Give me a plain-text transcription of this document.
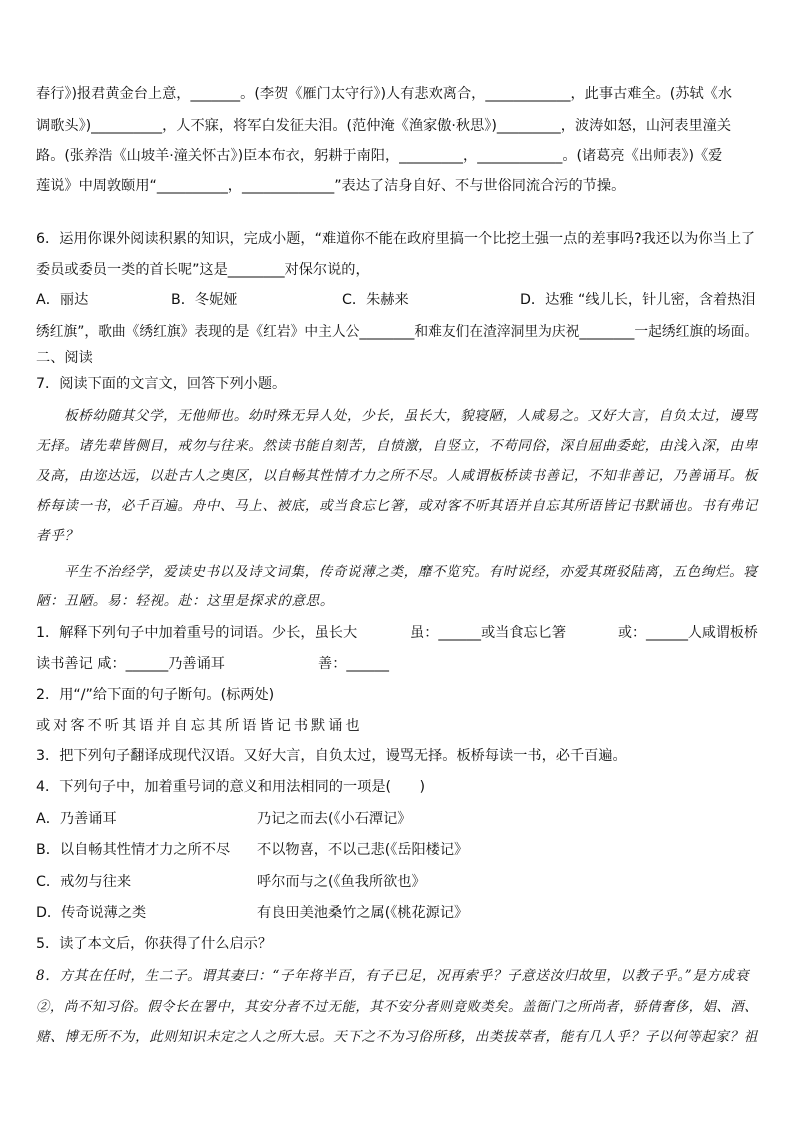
春行》)报君黄金台上意，_______。(李贺《雁门太守行》)人有悲欢离合，____________，此事古难全。(苏轼《水
调歌头》)__________，人不寐，将军白发征夫泪。(范仲淹《渔家傲·秋思》)_________，波涛如怒，山河表里潼关
路。(张养浩《山坡羊·潼关怀古》)臣本布衣，躬耕于南阳，_________，____________。(诸葛亮《出师表》)《爱
莲说》中周敦颐用“__________，_____________”表达了洁身自好、不与世俗同流合污的节操。
6．运用你课外阅读积累的知识，完成小题，“难道你不能在政府里搞一个比挖土强一点的差事吗?我还以为你当上了
委员或委员一类的首长呢”这是________对保尔说的，
A．丽达	B．冬妮娅	C．朱赫来	D．达雅 “线儿长，针儿密，含着热泪
绣红旗”，歌曲《绣红旗》表现的是《红岩》中主人公________和难友们在渣滓洞里为庆祝________一起绣红旗的场面。
二、阅读
7．阅读下面的文言文，回答下列小题。
板桥幼随其父学，无他师也。幼时殊无异人处，少长，虽长大，貌寝陋，人咸易之。又好大言，自负太过，谩骂
无择。诸先辈皆侧目，戒勿与往来。然读书能自刻苦，自愤激，自竖立，不苟同俗，深自屈曲委蛇，由浅入深，由卑
及高，由迩达远，以赴古人之奥区，以自畅其性情才力之所不尽。人咸谓板桥读书善记，不知非善记，乃善诵耳。板
桥每读一书，必千百遍。舟中、马上、被底，或当食忘匕箸，或对客不听其语并自忘其所语皆记书默诵也。书有弗记
者乎？
平生不治经学，爱读史书以及诗文词集，传奇说薄之类，靡不览究。有时说经，亦爱其斑驳陆离，五色绚烂。寝
陋：丑陋。易：轻视。赴：这里是探求的意思。
1．解释下列句子中加着重号的词语。少长，虽长大	虽：______或当食忘匕箸	或：______人咸谓板桥
读书善记 咸：______乃善诵耳	善：______
2．用“/”给下面的句子断句。(标两处)
或对客不听其语并自忘其所语皆记书默诵也
3．把下列句子翻译成现代汉语。又好大言，自负太过，谩骂无择。板桥每读一书，必千百遍。
4．下列句子中，加着重号词的意义和用法相同的一项是(　　)
A．乃善诵耳	乃记之而去(《小石潭记》
B．以自畅其性情才力之所不尽 不以物喜，不以己悲(《岳阳楼记》
C．戒勿与往来	呼尔而与之(《鱼我所欲也》
D．传奇说薄之类	有良田美池桑竹之属(《桃花源记》
5．读了本文后，你获得了什么启示？
8．方其在任时，生二子。谓其妻曰：“子年将半百，有子已足，况再索乎？子意送汝归故里，以教子乎。”是方成衰
②，尚不知习俗。假令长在署中，其安分者不过无能，其不安分者则竟败类矣。盖衙门之所尚者，骄倩奢侈，娼、酒、
赌、博无所不为，此则知识未定之人之所大忌。天下之不为习俗所移，出类拔萃者，能有几人乎？子以何等起家？祖
